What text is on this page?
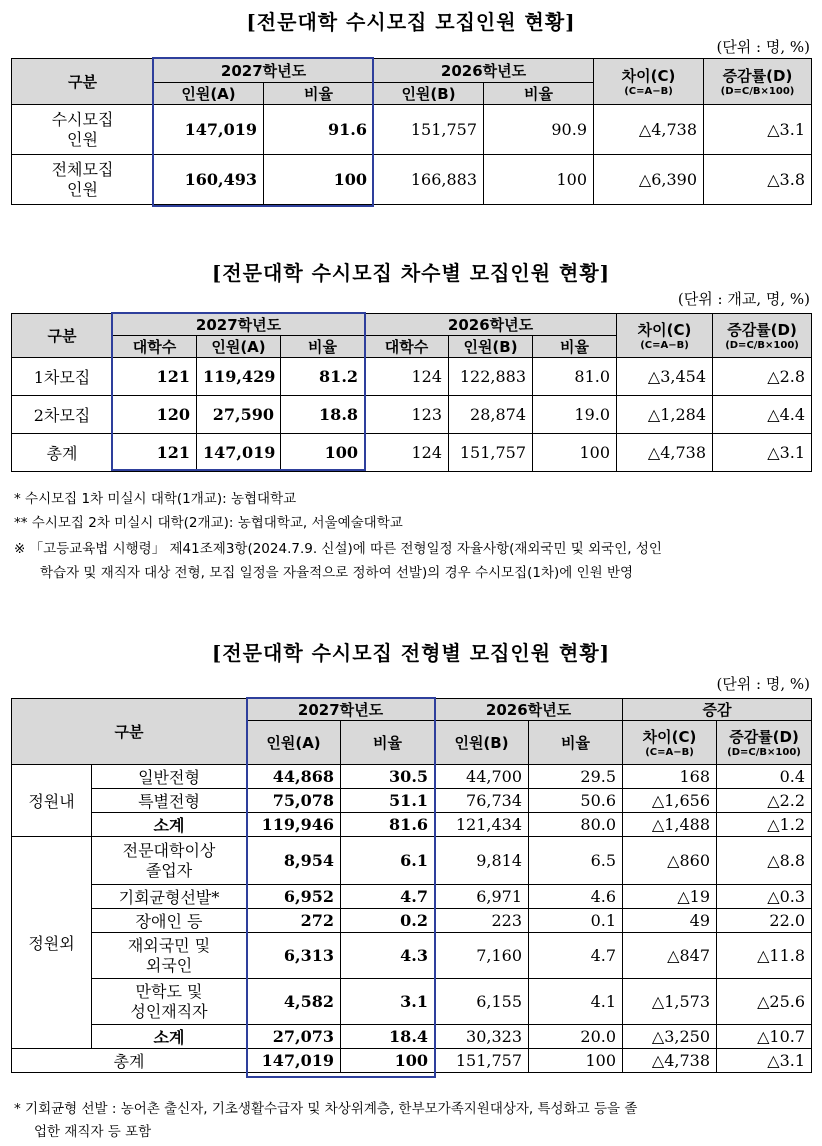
[전문대학 수시모집 모집인원 현황]
(단위 : 명, %)
구분	2027학년도		2026학년도		차이(C)
(C=A−B)	증감률(D)
(D=C/B×100)

	인원(A)	비율	인원(B)	비율		
수시모집
인원	147,019	91.6	151,757	90.9	△4,738	△3.1
전체모집
인원	160,493	100	166,883	100	△6,390	△3.8
[전문대학 수시모집 차수별 모집인원 현황]
(단위 : 개교, 명, %)
구분	2027학년도			2026학년도			차이(C)
(C=A−B)	증감률(D)
(D=C/B×100)

	대학수	인원(A)	비율	대학수	인원(B)	비율		
1차모집	121	119,429	81.2	124	122,883	81.0	△3,454	△2.8
2차모집	120	27,590	18.8	123	28,874	19.0	△1,284	△4.4
총계	121	147,019	100	124	151,757	100	△4,738	△3.1
* 수시모집 1차 미실시 대학(1개교): 농협대학교
** 수시모집 2차 미실시 대학(2개교): 농협대학교, 서울예술대학교
※ 「고등교육법 시행령」 제41조제3항(2024.7.9. 신설)에 따른 전형일정 자율사항(재외국민 및 외국인, 성인
학습자 및 재직자 대상 전형, 모집 일정을 자율적으로 정하여 선발)의 경우 수시모집(1차)에 인원 반영
[전문대학 수시모집 전형별 모집인원 현황]
(단위 : 명, %)
구분		2027학년도		2026학년도		증감	
		인원(A)	비율	인원(B)	비율	차이(C)
(C=A−B)	증감률(D)
(D=C/B×100)

정원내	일반전형	44,868	30.5	44,700	29.5	168	0.4
	특별전형	75,078	51.1	76,734	50.6	△1,656	△2.2
	소계	119,946	81.6	121,434	80.0	△1,488	△1.2
정원외	전문대학이상
졸업자	8,954	6.1	9,814	6.5	△860	△8.8
	기회균형선발*	6,952	4.7	6,971	4.6	△19	△0.3
	장애인 등	272	0.2	223	0.1	49	22.0
	재외국민 및
외국인	6,313	4.3	7,160	4.7	△847	△11.8
	만학도 및
성인재직자	4,582	3.1	6,155	4.1	△1,573	△25.6
	소계	27,073	18.4	30,323	20.0	△3,250	△10.7
총계		147,019	100	151,757	100	△4,738	△3.1
* 기회균형 선발 : 농어촌 출신자, 기초생활수급자 및 차상위계층, 한부모가족지원대상자, 특성화고 등을 졸
업한 재직자 등 포함
